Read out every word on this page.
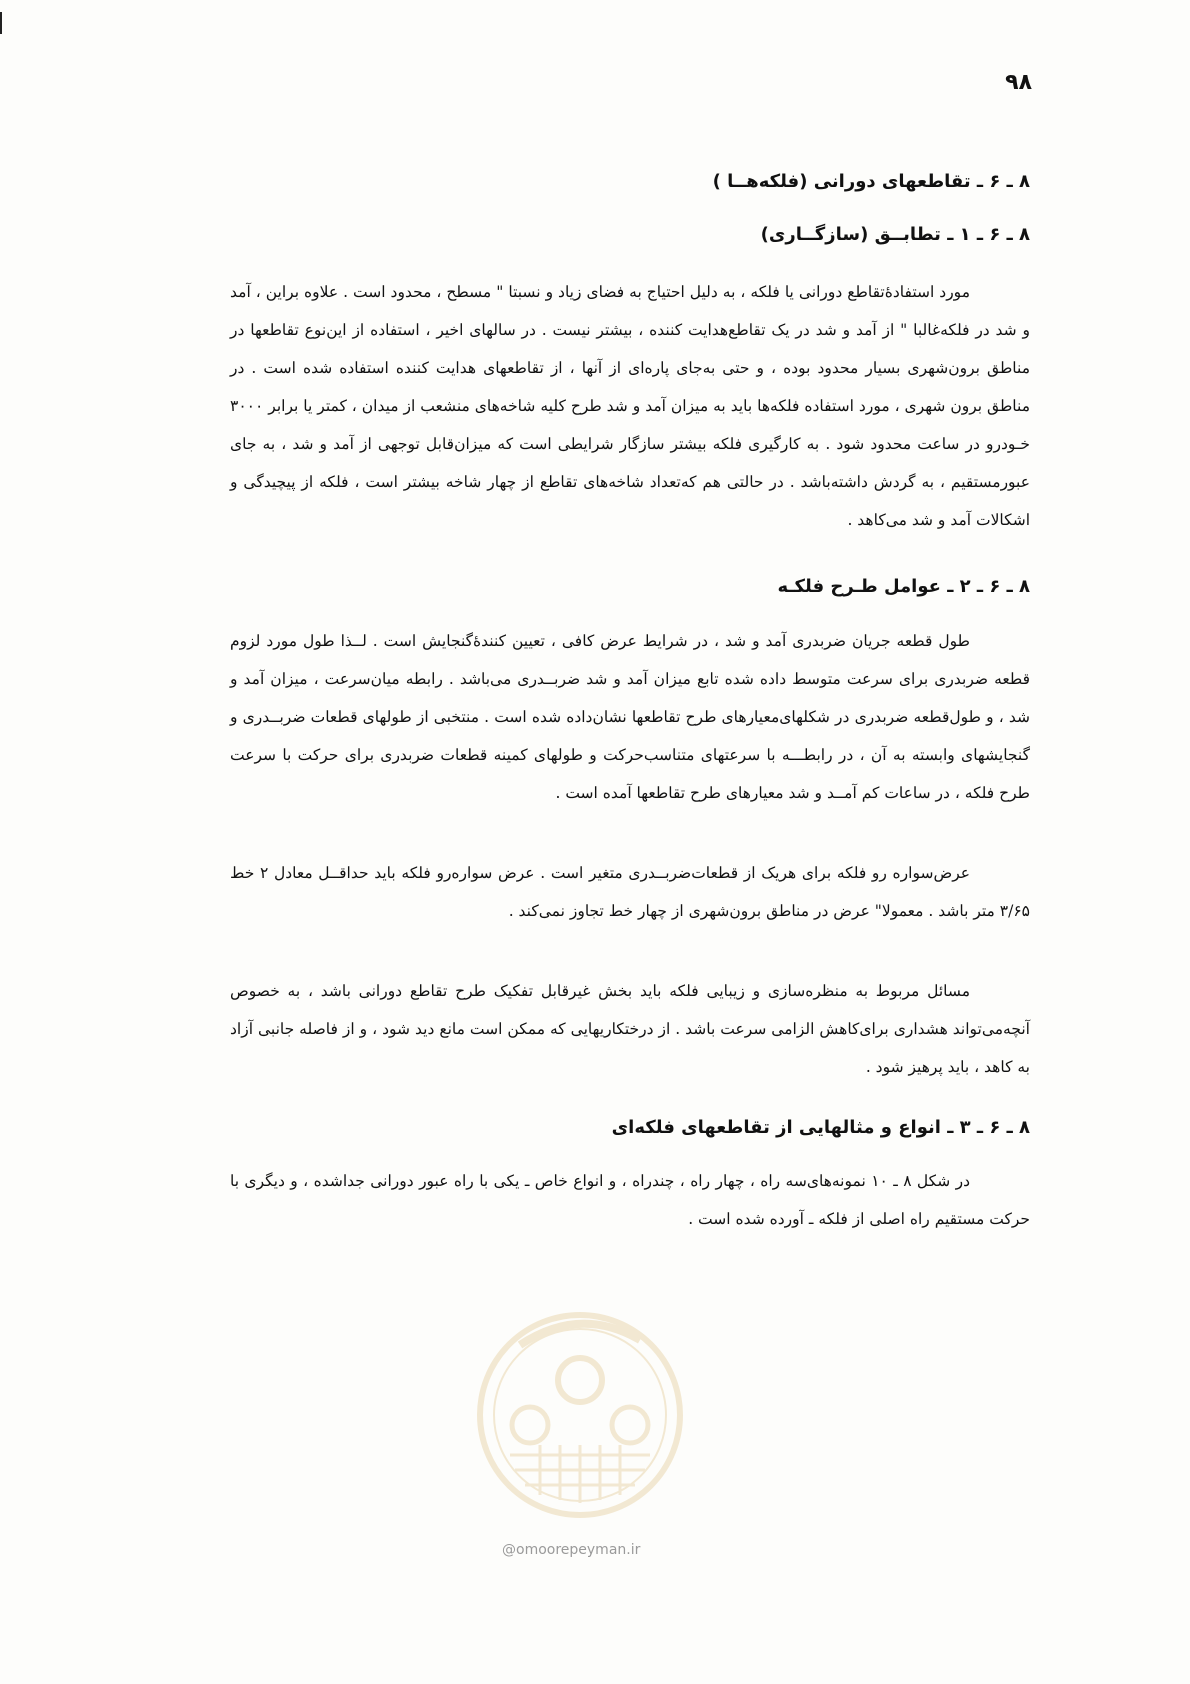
۹۸
۸ ـ ۶ ـ تقاطعهای دورانی (فلکه‌هــا )
۸ ـ ۶ ـ ۱ ـ تطابــق (سازگــاری)

مورد استفاده‌ٔتقاطع دورانی یا فلکه ، به دلیل احتیاج به فضای زیاد و نسبتا " مسطح ، محدود است . علاوه براین ، آمد و شد در فلکه‌غالبا " از آمد و شد در یک تقاطع‌هدایت کننده ، بیشتر نیست . در سالهای اخیر ، استفاده از این‌نوع تقاطعها در مناطق برون‌شهری بسیار محدود بوده ، و حتی به‌جای پاره‌ای از آنها ، از تقاطعهای هدایت کننده استفاده شده است . در مناطق برون شهری ، مورد استفاده فلکه‌ها باید به میزان آمد و شد طرح کلیه شاخه‌های منشعب از میدان ، کمتر یا برابر ۳۰۰۰ خـودرو در ساعت محدود شود . به کارگیری فلکه بیشتر سازگار شرایطی است که میزان‌قابل توجهی از آمد و شد ، به جای عبورمستقیم ، به گردش داشته‌باشد . در حالتی هم که‌تعداد شاخه‌های تقاطع از چهار شاخه بیشتر است ، فلکه از پیچیدگی و اشکالات آمد و شد می‌کاهد .

۸ ـ ۶ ـ ۲ ـ عوامل طـرح فلکـه

طول قطعه جریان ضربدری آمد و شد ، در شرایط عرض کافی ، تعیین کننده‌ٔگنجایش است . لــذا طول مورد لزوم قطعه ضربدری برای سرعت متوسط داده شده تابع میزان آمد و شد ضربــدری می‌باشد . رابطه میان‌سرعت ، میزان آمد و شد ، و طول‌قطعه ضربدری در شکلهای‌معیارهای طرح تقاطعها نشان‌داده شده است . منتخبی از طولهای قطعات ضربــدری و گنجایشهای وابسته به آن ، در رابطـــه با سرعتهای متناسب‌حرکت و طولهای کمینه قطعات ضربدری برای حرکت با سرعت طرح فلکه ، در ساعات کم آمــد و شد معیارهای طرح تقاطعها آمده است .

عرض‌سواره رو فلکه برای هریک از قطعات‌ضربــدری متغیر است . عرض سواره‌رو فلکه باید حداقــل معادل ۲ خط ۳/۶۵ متر باشد . معمولا" عرض در مناطق برون‌شهری از چهار خط تجاوز نمی‌کند .

مسائل مربوط به منظره‌سازی و زیبایی فلکه باید بخش غیرقابل تفکیک طرح تقاطع دورانی باشد ، به خصوص آنچه‌می‌تواند هشداری برای‌کاهش الزامی سرعت باشد . از درختکاریهایی که ممکن است مانع دید شود ، و از فاصله جانبی آزاد به کاهد ، باید پرهیز شود .

۸ ـ ۶ ـ ۳ ـ انواع و مثالهایی از تقاطعهای فلکه‌ای

در شکل ۸ ـ ۱۰ نمونه‌های‌سه راه ، چهار راه ، چندراه ، و انواع خاص ـ یکی با راه عبور دورانی جداشده ، و دیگری با حرکت مستقیم راه اصلی از فلکه ـ آورده شده است .

@omoorepeyman.ir
